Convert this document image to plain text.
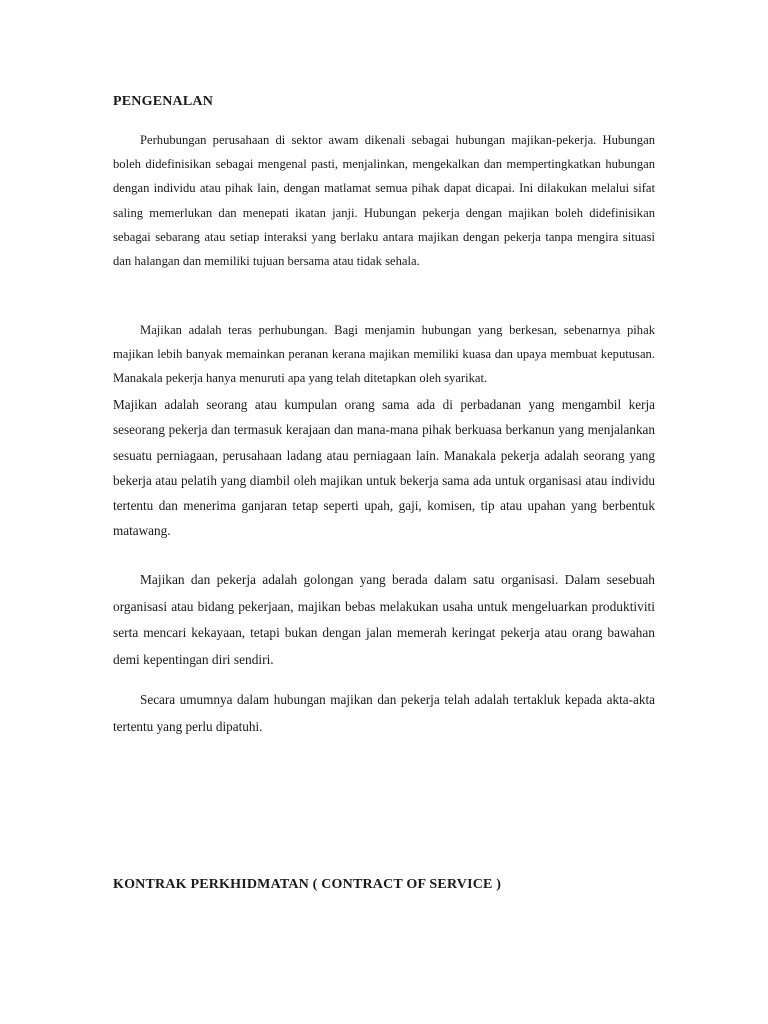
PENGENALAN

Perhubungan perusahaan di sektor awam dikenali sebagai hubungan majikan-pekerja. Hubungan boleh didefinisikan sebagai mengenal pasti, menjalinkan, mengekalkan dan mempertingkatkan hubungan dengan individu atau pihak lain, dengan matlamat semua pihak dapat dicapai. Ini dilakukan melalui sifat saling memerlukan dan menepati ikatan janji. Hubungan pekerja dengan majikan boleh didefinisikan sebagai sebarang atau setiap interaksi yang berlaku antara majikan dengan pekerja tanpa mengira situasi dan halangan dan memiliki tujuan bersama atau tidak sehala.

Majikan adalah teras perhubungan. Bagi menjamin hubungan yang berkesan, sebenarnya pihak majikan lebih banyak memainkan peranan kerana majikan memiliki kuasa dan upaya membuat keputusan. Manakala pekerja hanya menuruti apa yang telah ditetapkan oleh syarikat.

Majikan adalah seorang atau kumpulan orang sama ada di perbadanan yang mengambil kerja seseorang pekerja dan termasuk kerajaan dan mana-mana pihak berkuasa berkanun yang menjalankan sesuatu perniagaan, perusahaan ladang atau perniagaan lain. Manakala pekerja adalah seorang yang bekerja atau pelatih yang diambil oleh majikan untuk bekerja sama ada untuk organisasi atau individu tertentu dan menerima ganjaran tetap seperti upah, gaji, komisen, tip atau upahan yang berbentuk matawang.

Majikan dan pekerja adalah golongan yang berada dalam satu organisasi. Dalam sesebuah organisasi atau bidang pekerjaan, majikan bebas melakukan usaha untuk mengeluarkan produktiviti serta mencari kekayaan, tetapi bukan dengan jalan memerah keringat pekerja atau orang bawahan demi kepentingan diri sendiri.

Secara umumnya dalam hubungan majikan dan pekerja telah adalah tertakluk kepada akta-akta tertentu yang perlu dipatuhi.

KONTRAK PERKHIDMATAN ( CONTRACT OF SERVICE )
